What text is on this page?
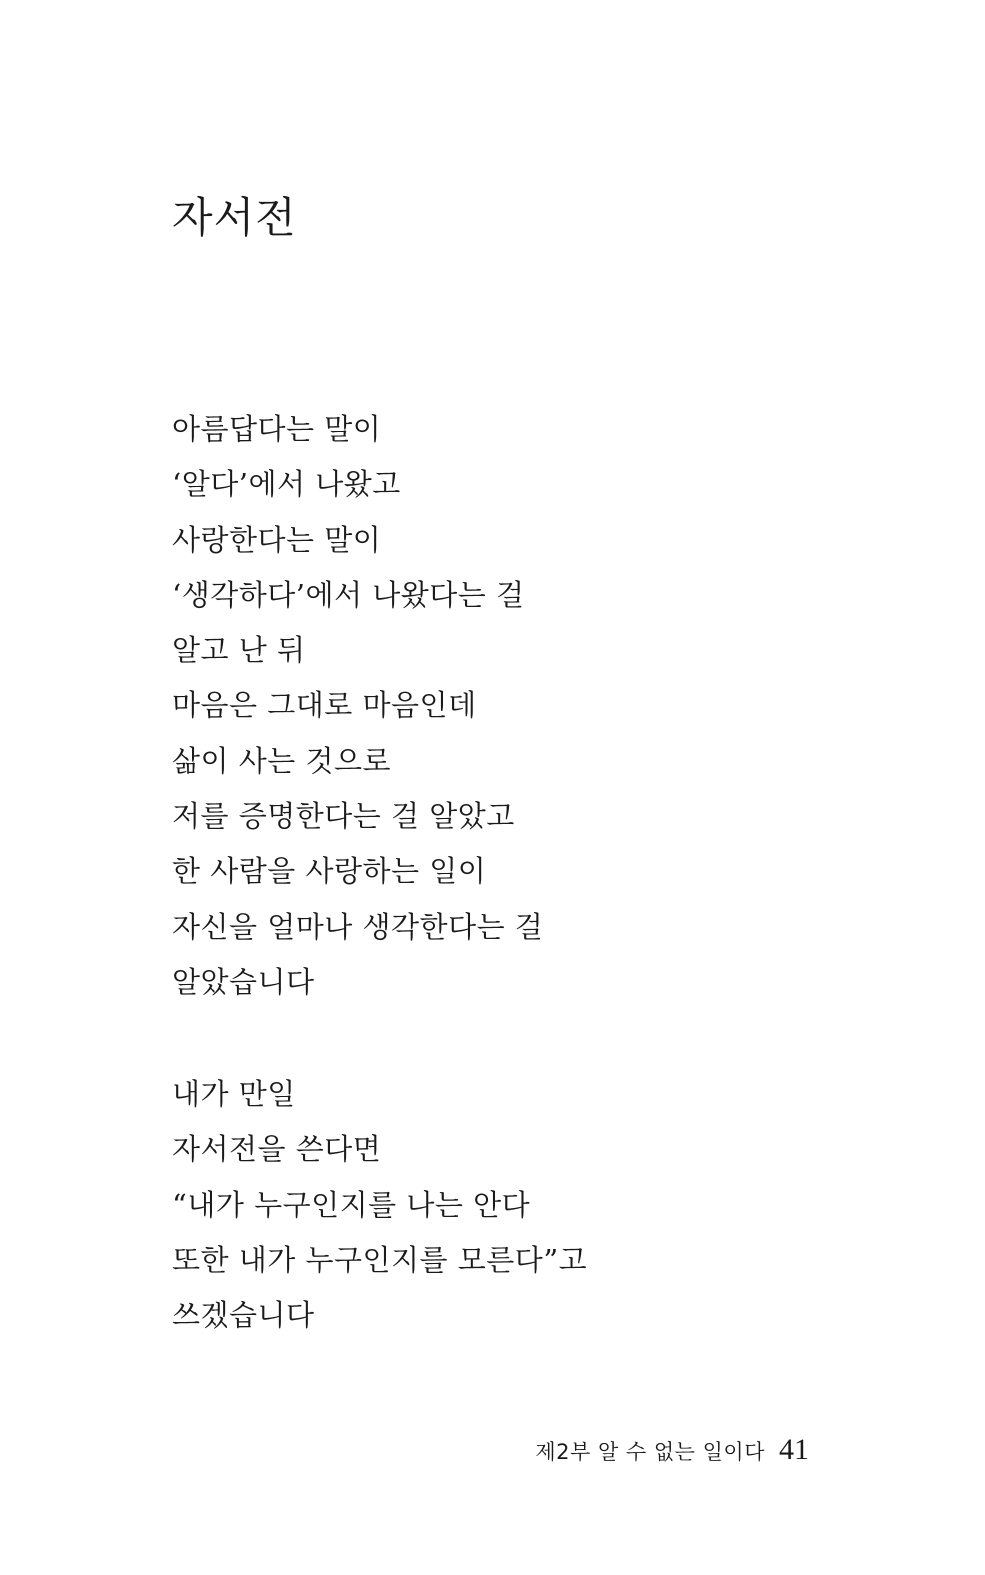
자서전
아름답다는 말이
‘알다’에서 나왔고
사랑한다는 말이
‘생각하다’에서 나왔다는 걸
알고 난 뒤
마음은 그대로 마음인데
삶이 사는 것으로
저를 증명한다는 걸 알았고
한 사람을 사랑하는 일이
자신을 얼마나 생각한다는 걸
알았습니다
내가 만일
자서전을 쓴다면
“내가 누구인지를 나는 안다
또한 내가 누구인지를 모른다”고
쓰겠습니다
제2부 알 수 없는 일이다 41
